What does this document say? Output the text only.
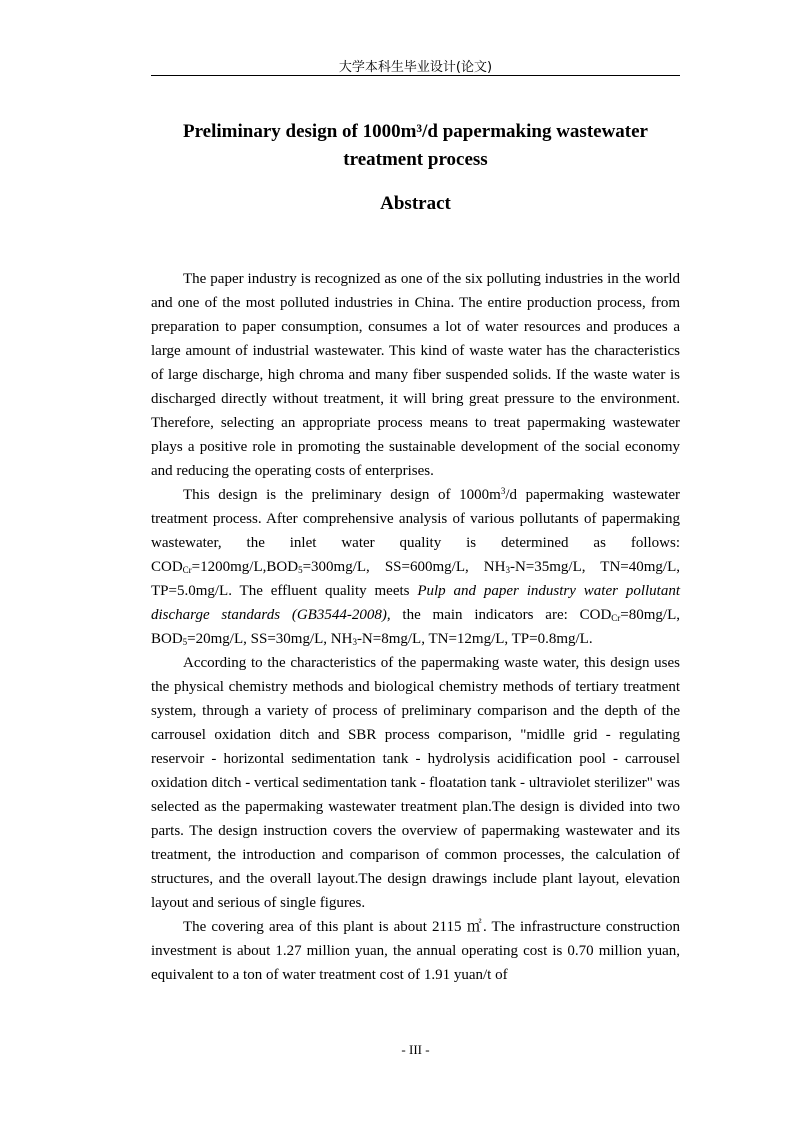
大学本科生毕业设计(论文)
Preliminary design of 1000m³/d papermaking wastewater
treatment process
Abstract

The paper industry is recognized as one of the six polluting industries in the world and one of the most polluted industries in China. The entire production process, from preparation to paper consumption, consumes a lot of water resources and produces a large amount of industrial wastewater. This kind of waste water has the characteristics of large discharge, high chroma and many fiber suspended solids. If the waste water is discharged directly without treatment, it will bring great pressure to the environment. Therefore, selecting an appropriate process means to treat papermaking wastewater plays a positive role in promoting the sustainable development of the social economy and reducing the operating costs of enterprises.

This design is the preliminary design of $1000m^3/d$ papermaking wastewater treatment process. After comprehensive analysis of various pollutants of papermaking wastewater, the inlet water quality is determined as follows: $COD_{Cr}=1200mg/L,BOD_5=300mg/L$, SS=600mg/L, $NH_3-N=35mg/L$, TN=40mg/L, TP=5.0mg/L. The effluent quality meets Pulp and paper industry water pollutant discharge standards (GB3544-2008), the main indicators are: $COD_{Cr}=80mg/L$, $BOD_5=20mg/L$, SS=30mg/L, $NH_3-N=8mg/L$, TN=12mg/L, TP=0.8mg/L.

According to the characteristics of the papermaking waste water, this design uses the physical chemistry methods and biological chemistry methods of tertiary treatment system, through a variety of process of preliminary comparison and the depth of the carrousel oxidation ditch and SBR process comparison, "midlle grid - regulating reservoir - horizontal sedimentation tank - hydrolysis acidification pool - carrousel oxidation ditch - vertical sedimentation tank - floatation tank - ultraviolet sterilizer" was selected as the papermaking wastewater treatment plan.The design is divided into two parts. The design instruction covers the overview of papermaking wastewater and its treatment, the introduction and comparison of common processes, the calculation of structures, and the overall layout.The design drawings include plant layout, elevation layout and serious of single figures.

The covering area of this plant is about 2115 ㎡. The infrastructure construction investment is about 1.27 million yuan, the annual operating cost is 0.70 million yuan, equivalent to a ton of water treatment cost of 1.91 yuan/t of

- III -
